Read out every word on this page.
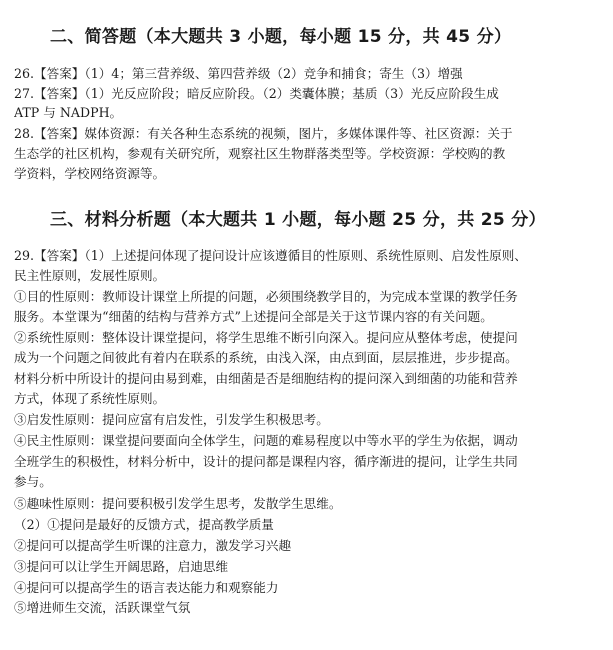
二、简答题（本大题共 3 小题，每小题 15 分，共 45 分）
26.【答案】（1）4；第三营养级、第四营养级（2）竞争和捕食；寄生（3）增强
27.【答案】（1）光反应阶段；暗反应阶段。（2）类囊体膜；基质（3）光反应阶段生成
ATP 与 NADPH。
28.【答案】媒体资源：有关各种生态系统的视频，图片，多媒体课件等、社区资源：关于
生态学的社区机构，参观有关研究所，观察社区生物群落类型等。学校资源：学校购的教
学资料，学校网络资源等。
三、材料分析题（本大题共 1 小题，每小题 25 分，共 25 分）
29.【答案】（1）上述提问体现了提问设计应该遵循目的性原则、系统性原则、启发性原则、
民主性原则，发展性原则。
①目的性原则：教师设计课堂上所提的问题，必须围绕教学目的，为完成本堂课的教学任务
服务。本堂课为“细菌的结构与营养方式”上述提问全部是关于这节课内容的有关问题。
②系统性原则：整体设计课堂提问，将学生思维不断引向深入。提问应从整体考虑，使提问
成为一个问题之间彼此有着内在联系的系统，由浅入深，由点到面，层层推进，步步提高。
材料分析中所设计的提问由易到难，由细菌是否是细胞结构的提问深入到细菌的功能和营养
方式，体现了系统性原则。
③启发性原则：提问应富有启发性，引发学生积极思考。
④民主性原则：课堂提问要面向全体学生，问题的难易程度以中等水平的学生为依据，调动
全班学生的积极性，材料分析中，设计的提问都是课程内容，循序渐进的提问，让学生共同
参与。
⑤趣味性原则：提问要积极引发学生思考，发散学生思维。
（2）①提问是最好的反馈方式，提高教学质量
②提问可以提高学生听课的注意力，激发学习兴趣
③提问可以让学生开阔思路，启迪思维
④提问可以提高学生的语言表达能力和观察能力
⑤增进师生交流，活跃课堂气氛
